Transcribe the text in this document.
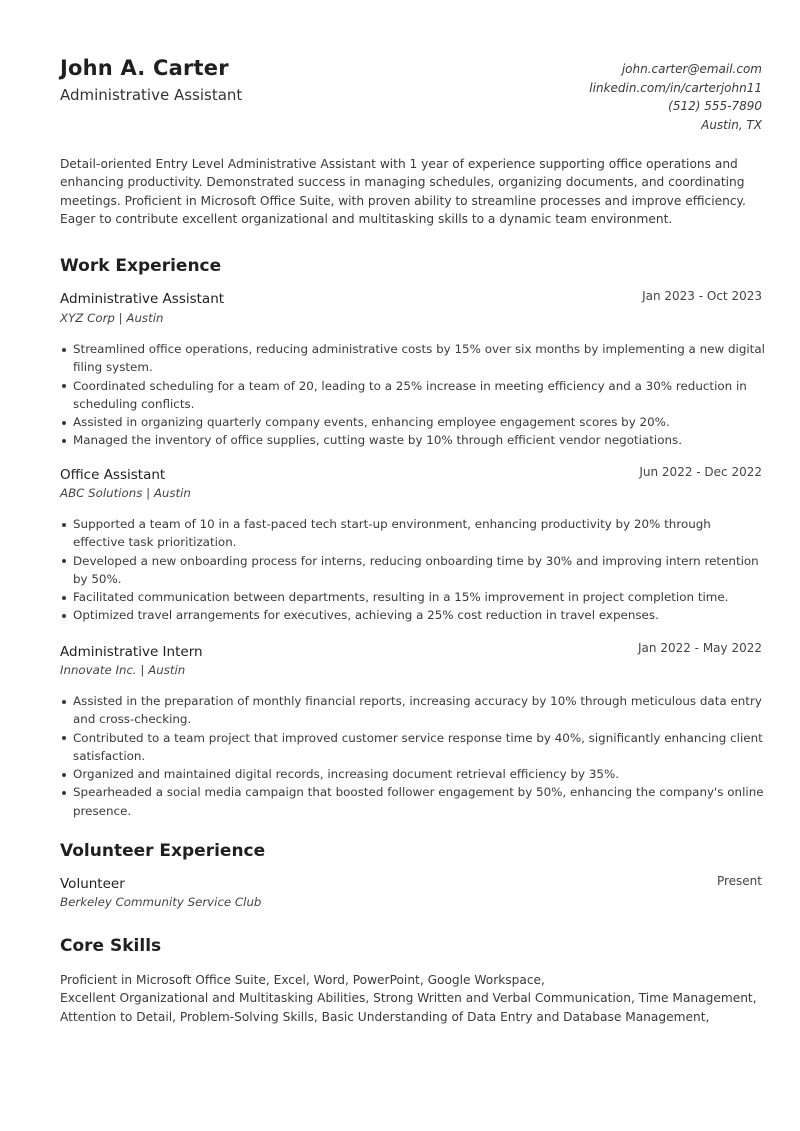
John A. Carter
Administrative Assistant
john.carter@email.com
linkedin.com/in/carterjohn11
(512) 555-7890
Austin, TX

Detail-oriented Entry Level Administrative Assistant with 1 year of experience supporting office operations and enhancing productivity. Demonstrated success in managing schedules, organizing documents, and coordinating meetings. Proficient in Microsoft Office Suite, with proven ability to streamline processes and improve efficiency. Eager to contribute excellent organizational and multitasking skills to a dynamic team environment.

Work Experience
Administrative Assistant	Jan 2023 - Oct 2023
XYZ Corp | Austin
Streamlined office operations, reducing administrative costs by 15% over six months by implementing a new digital filing system.
Coordinated scheduling for a team of 20, leading to a 25% increase in meeting efficiency and a 30% reduction in scheduling conflicts.
Assisted in organizing quarterly company events, enhancing employee engagement scores by 20%.
Managed the inventory of office supplies, cutting waste by 10% through efficient vendor negotiations.
Office Assistant	Jun 2022 - Dec 2022
ABC Solutions | Austin
Supported a team of 10 in a fast-paced tech start-up environment, enhancing productivity by 20% through effective task prioritization.
Developed a new onboarding process for interns, reducing onboarding time by 30% and improving intern retention by 50%.
Facilitated communication between departments, resulting in a 15% improvement in project completion time.
Optimized travel arrangements for executives, achieving a 25% cost reduction in travel expenses.
Administrative Intern	Jan 2022 - May 2022
Innovate Inc. | Austin
Assisted in the preparation of monthly financial reports, increasing accuracy by 10% through meticulous data entry and cross-checking.
Contributed to a team project that improved customer service response time by 40%, significantly enhancing client satisfaction.
Organized and maintained digital records, increasing document retrieval efficiency by 35%.
Spearheaded a social media campaign that boosted follower engagement by 50%, enhancing the company's online presence.
Volunteer Experience
Volunteer	Present
Berkeley Community Service Club
Core Skills
Proficient in Microsoft Office Suite, Excel, Word, PowerPoint, Google Workspace,
Excellent Organizational and Multitasking Abilities, Strong Written and Verbal Communication, Time Management,
Attention to Detail, Problem-Solving Skills, Basic Understanding of Data Entry and Database Management,
